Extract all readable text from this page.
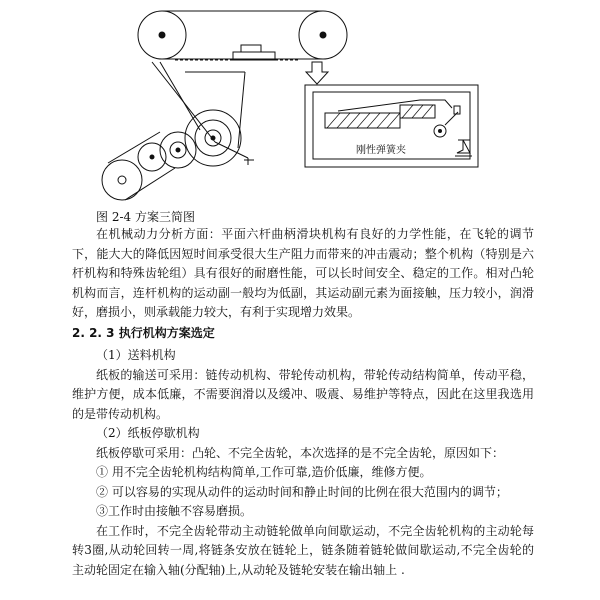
刚性弹簧夹
图 2-4 方案三简图

在机械动力分析方面：平面六杆曲柄滑块机构有良好的力学性能，在飞轮的调节下，能大大的降低因短时间承受很大生产阻力而带来的冲击震动；整个机构（特别是六杆机构和特殊齿轮组）具有很好的耐磨性能，可以长时间安全、稳定的工作。相对凸轮机构而言，连杆机构的运动副一般均为低副，其运动副元素为面接触，压力较小，润滑好，磨损小，则承载能力较大，有利于实现增力效果。

2. 2. 3 执行机构方案选定

（1）送料机构

纸板的输送可采用：链传动机构、带轮传动机构，带轮传动结构简单，传动平稳，维护方便，成本低廉，不需要润滑以及缓冲、吸震、易维护等特点，因此在这里我选用的是带传动机构。

（2）纸板停歇机构

纸板停歇可采用：凸轮、不完全齿轮，本次选择的是不完全齿轮，原因如下：

① 用不完全齿轮机构结构简单,工作可靠,造价低廉，维修方便。

② 可以容易的实现从动件的运动时间和静止时间的比例在很大范围内的调节；

③工作时由接触不容易磨损。

在工作时，不完全齿轮带动主动链轮做单向间歇运动，不完全齿轮机构的主动轮每转3圈,从动轮回转一周,将链条安放在链轮上，链条随着链轮做间歇运动,不完全齿轮的主动轮固定在输入轴(分配轴)上,从动轮及链轮安装在输出轴上 .
